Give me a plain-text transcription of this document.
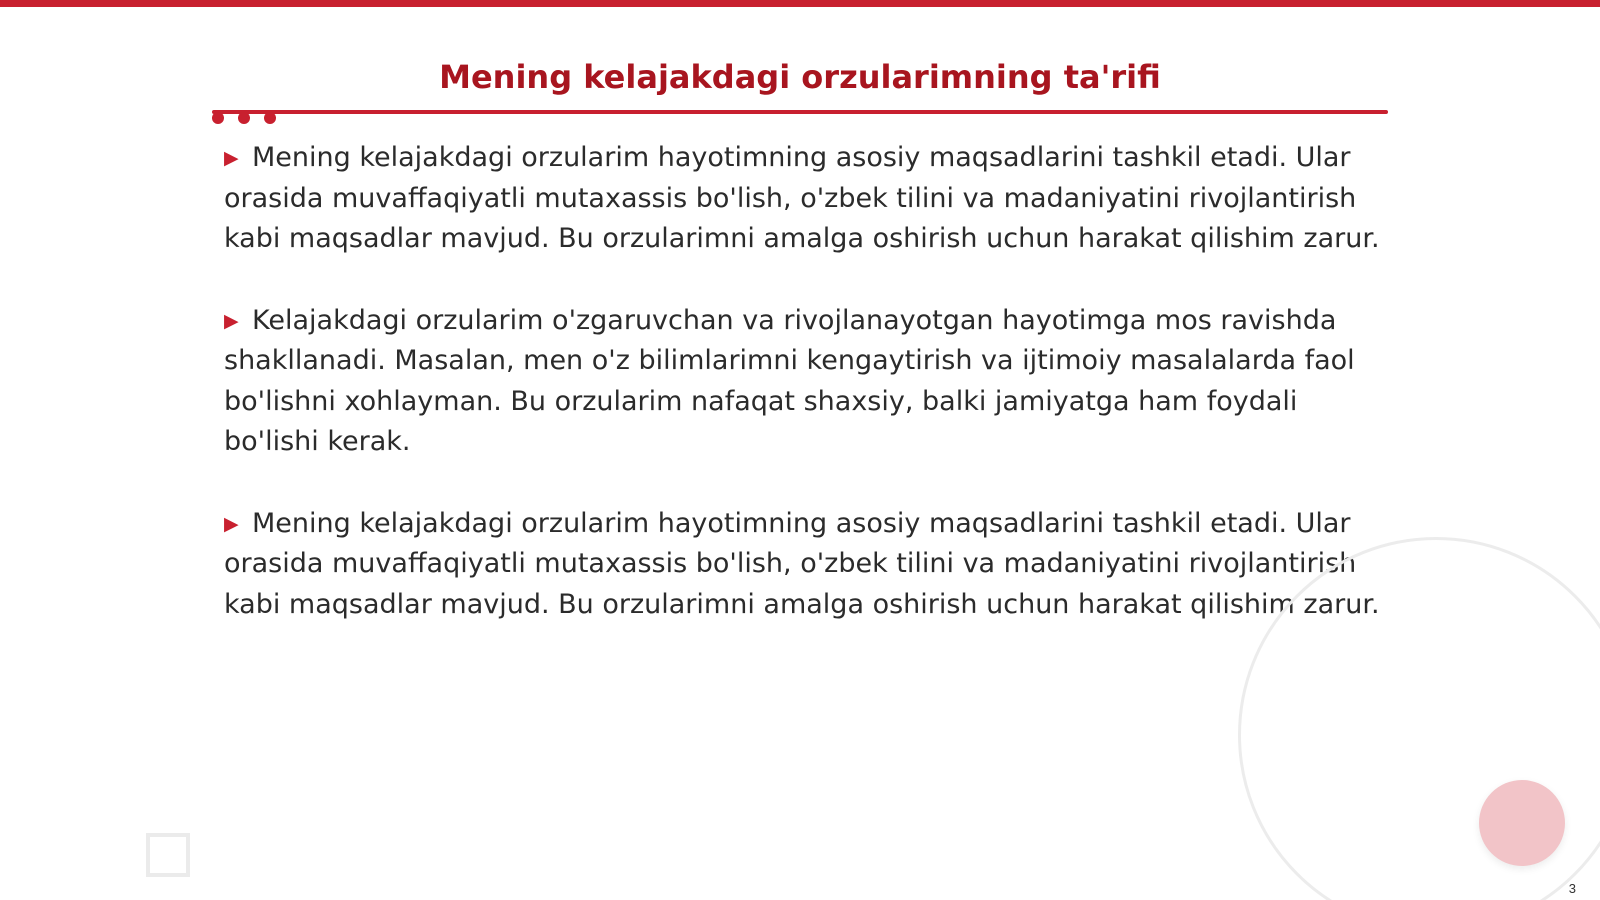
Mening kelajakdagi orzularimning ta'rifi

▶ Mening kelajakdagi orzularim hayotimning asosiy maqsadlarini tashkil etadi. Ular orasida muvaffaqiyatli mutaxassis bo'lish, o'zbek tilini va madaniyatini rivojlantirish kabi maqsadlar mavjud. Bu orzularimni amalga oshirish uchun harakat qilishim zarur.

▶ Kelajakdagi orzularim o'zgaruvchan va rivojlanayotgan hayotimga mos ravishda shakllanadi. Masalan, men o'z bilimlarimni kengaytirish va ijtimoiy masalalarda faol bo'lishni xohlayman. Bu orzularim nafaqat shaxsiy, balki jamiyatga ham foydali bo'lishi kerak.

▶ Mening kelajakdagi orzularim hayotimning asosiy maqsadlarini tashkil etadi. Ular orasida muvaffaqiyatli mutaxassis bo'lish, o'zbek tilini va madaniyatini rivojlantirish kabi maqsadlar mavjud. Bu orzularimni amalga oshirish uchun harakat qilishim zarur.

3
